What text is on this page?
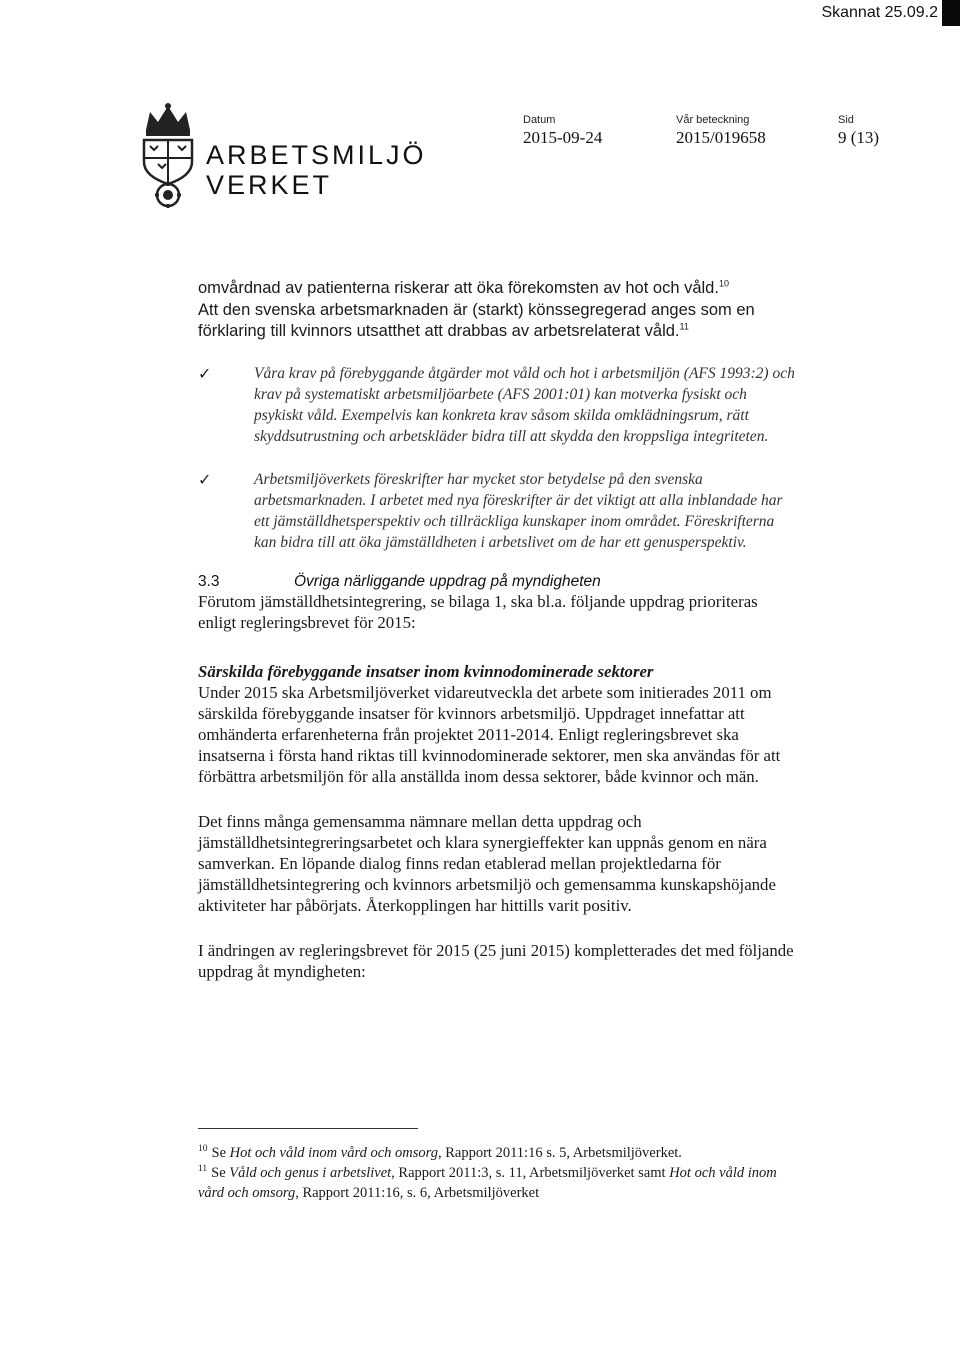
Skannat 25.09.2
ARBETSMILJÖ
VERKET
Datum
2015-09-24
Vår beteckning
2015/019658
Sid
9 (13)

omvårdnad av patienterna riskerar att öka förekomsten av hot och våld.$^{10}$
Att den svenska arbetsmarknaden är (starkt) könssegregerad anges som en förklaring till kvinnors utsatthet att drabbas av arbetsrelaterat våld.$^{11}$

✓	Våra krav på förebyggande åtgärder mot våld och hot i arbetsmiljön (AFS 1993:2) och krav på systematiskt arbetsmiljöarbete (AFS 2001:01) kan motverka fysiskt och psykiskt våld. Exempelvis kan konkreta krav såsom skilda omklädningsrum, rätt skyddsutrustning och arbetskläder bidra till att skydda den kroppsliga integriteten.

✓	Arbetsmiljöverkets föreskrifter har mycket stor betydelse på den svenska arbetsmarknaden. I arbetet med nya föreskrifter är det viktigt att alla inblandade har ett jämställdhetsperspektiv och tillräckliga kunskaper inom området. Föreskrifterna kan bidra till att öka jämställdheten i arbetslivet om de har ett genusperspektiv.

3.3	Övriga närliggande uppdrag på myndigheten

Förutom jämställdhetsintegrering, se bilaga 1, ska bl.a. följande uppdrag prioriteras enligt regleringsbrevet för 2015:

Särskilda förebyggande insatser inom kvinnodominerade sektorer

Under 2015 ska Arbetsmiljöverket vidareutveckla det arbete som initierades 2011 om särskilda förebyggande insatser för kvinnors arbetsmiljö. Uppdraget innefattar att omhänderta erfarenheterna från projektet 2011-2014. Enligt regleringsbrevet ska insatserna i första hand riktas till kvinnodominerade sektorer, men ska användas för att förbättra arbetsmiljön för alla anställda inom dessa sektorer, både kvinnor och män.

Det finns många gemensamma nämnare mellan detta uppdrag och jämställdhetsintegreringsarbetet och klara synergieffekter kan uppnås genom en nära samverkan. En löpande dialog finns redan etablerad mellan projektledarna för jämställdhetsintegrering och kvinnors arbetsmiljö och gemensamma kunskapshöjande aktiviteter har påbörjats. Återkopplingen har hittills varit positiv.

I ändringen av regleringsbrevet för 2015 (25 juni 2015) kompletterades det med följande uppdrag åt myndigheten:

$^{10}$ Se Hot och våld inom vård och omsorg, Rapport 2011:16 s. 5, Arbetsmiljöverket.

$^{11}$ Se Våld och genus i arbetslivet, Rapport 2011:3, s. 11, Arbetsmiljöverket samt Hot och våld inom vård och omsorg, Rapport 2011:16, s. 6, Arbetsmiljöverket
